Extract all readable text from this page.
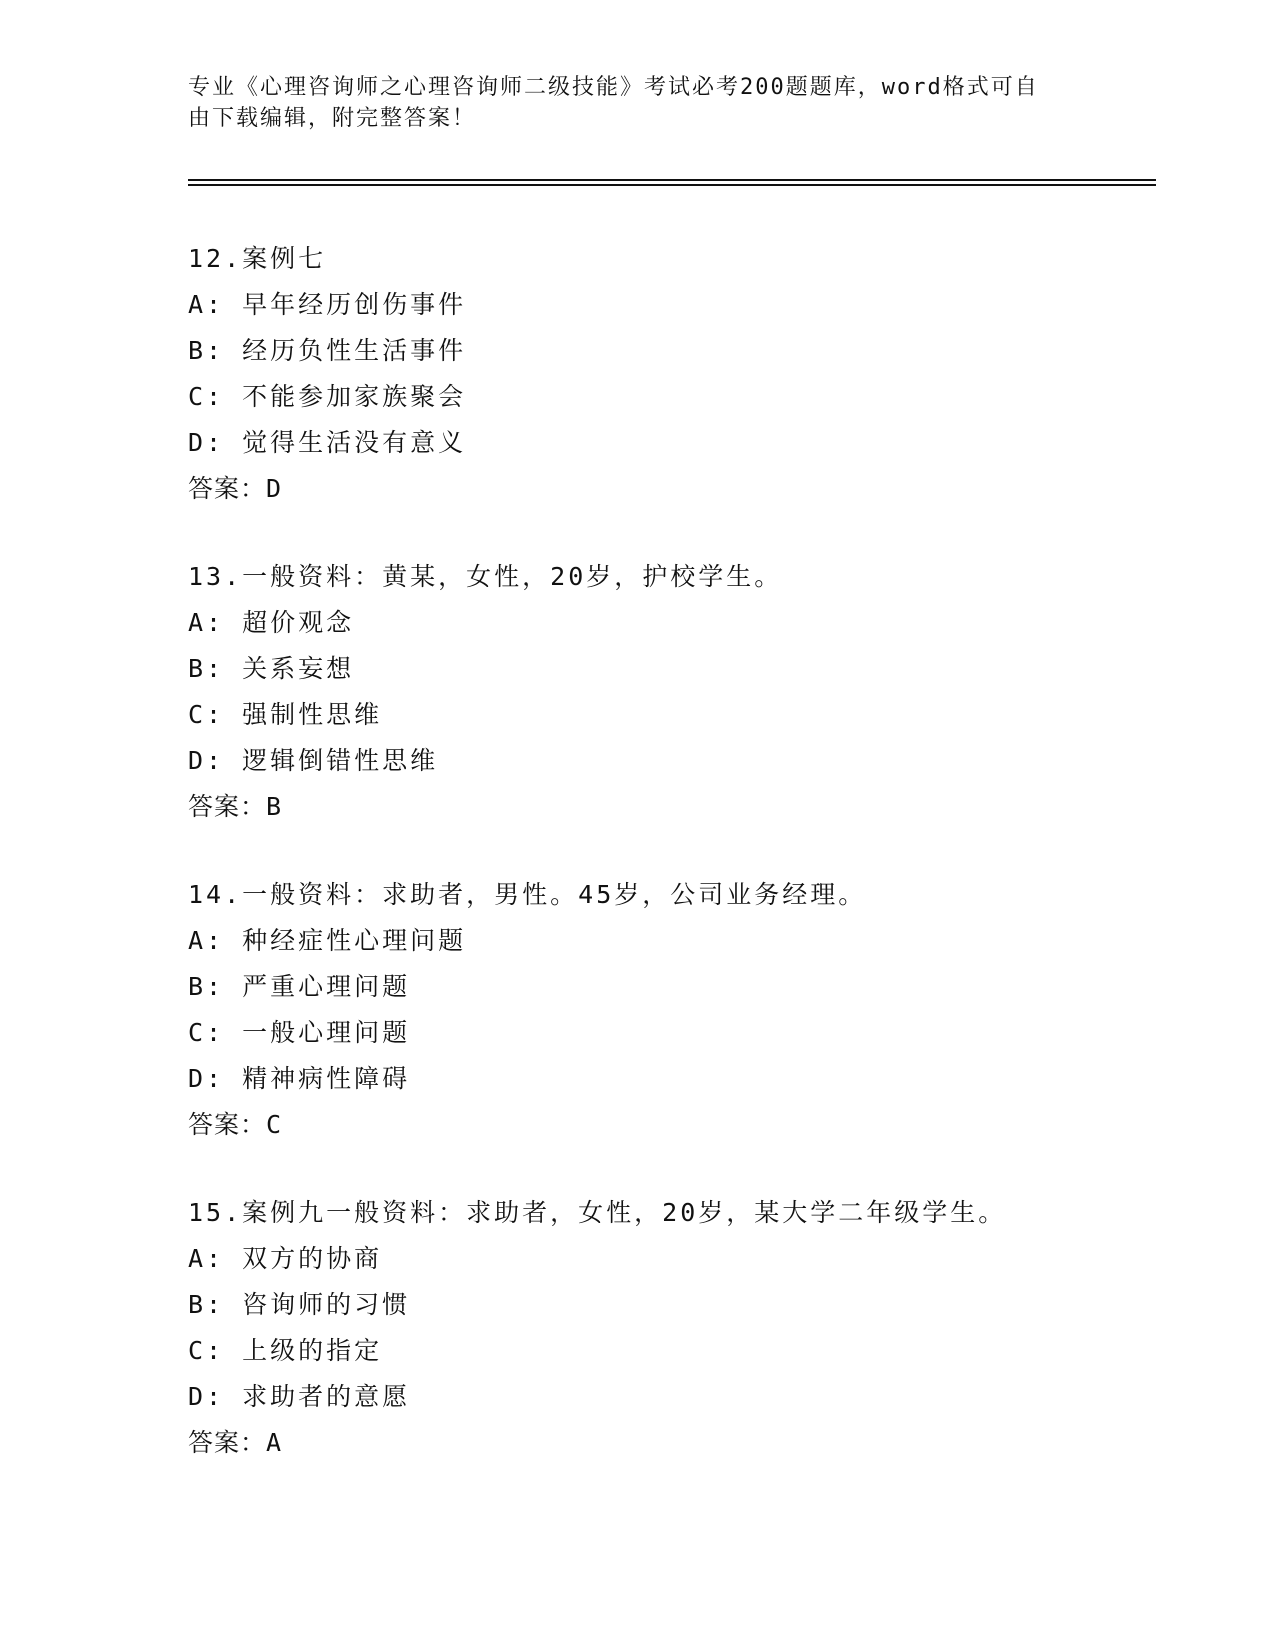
专业《心理咨询师之心理咨询师二级技能》考试必考200题题库，word格式可自
由下载编辑，附完整答案！
12.案例七
A: 早年经历创伤事件
B: 经历负性生活事件
C: 不能参加家族聚会
D: 觉得生活没有意义
答案：D
13.一般资料：黄某，女性，20岁，护校学生。
A: 超价观念
B: 关系妄想
C: 强制性思维
D: 逻辑倒错性思维
答案：B
14.一般资料：求助者，男性。45岁，公司业务经理。
A: 种经症性心理问题
B: 严重心理问题
C: 一般心理问题
D: 精神病性障碍
答案：C
15.案例九一般资料：求助者，女性，20岁，某大学二年级学生。
A: 双方的协商
B: 咨询师的习惯
C: 上级的指定
D: 求助者的意愿
答案：A
